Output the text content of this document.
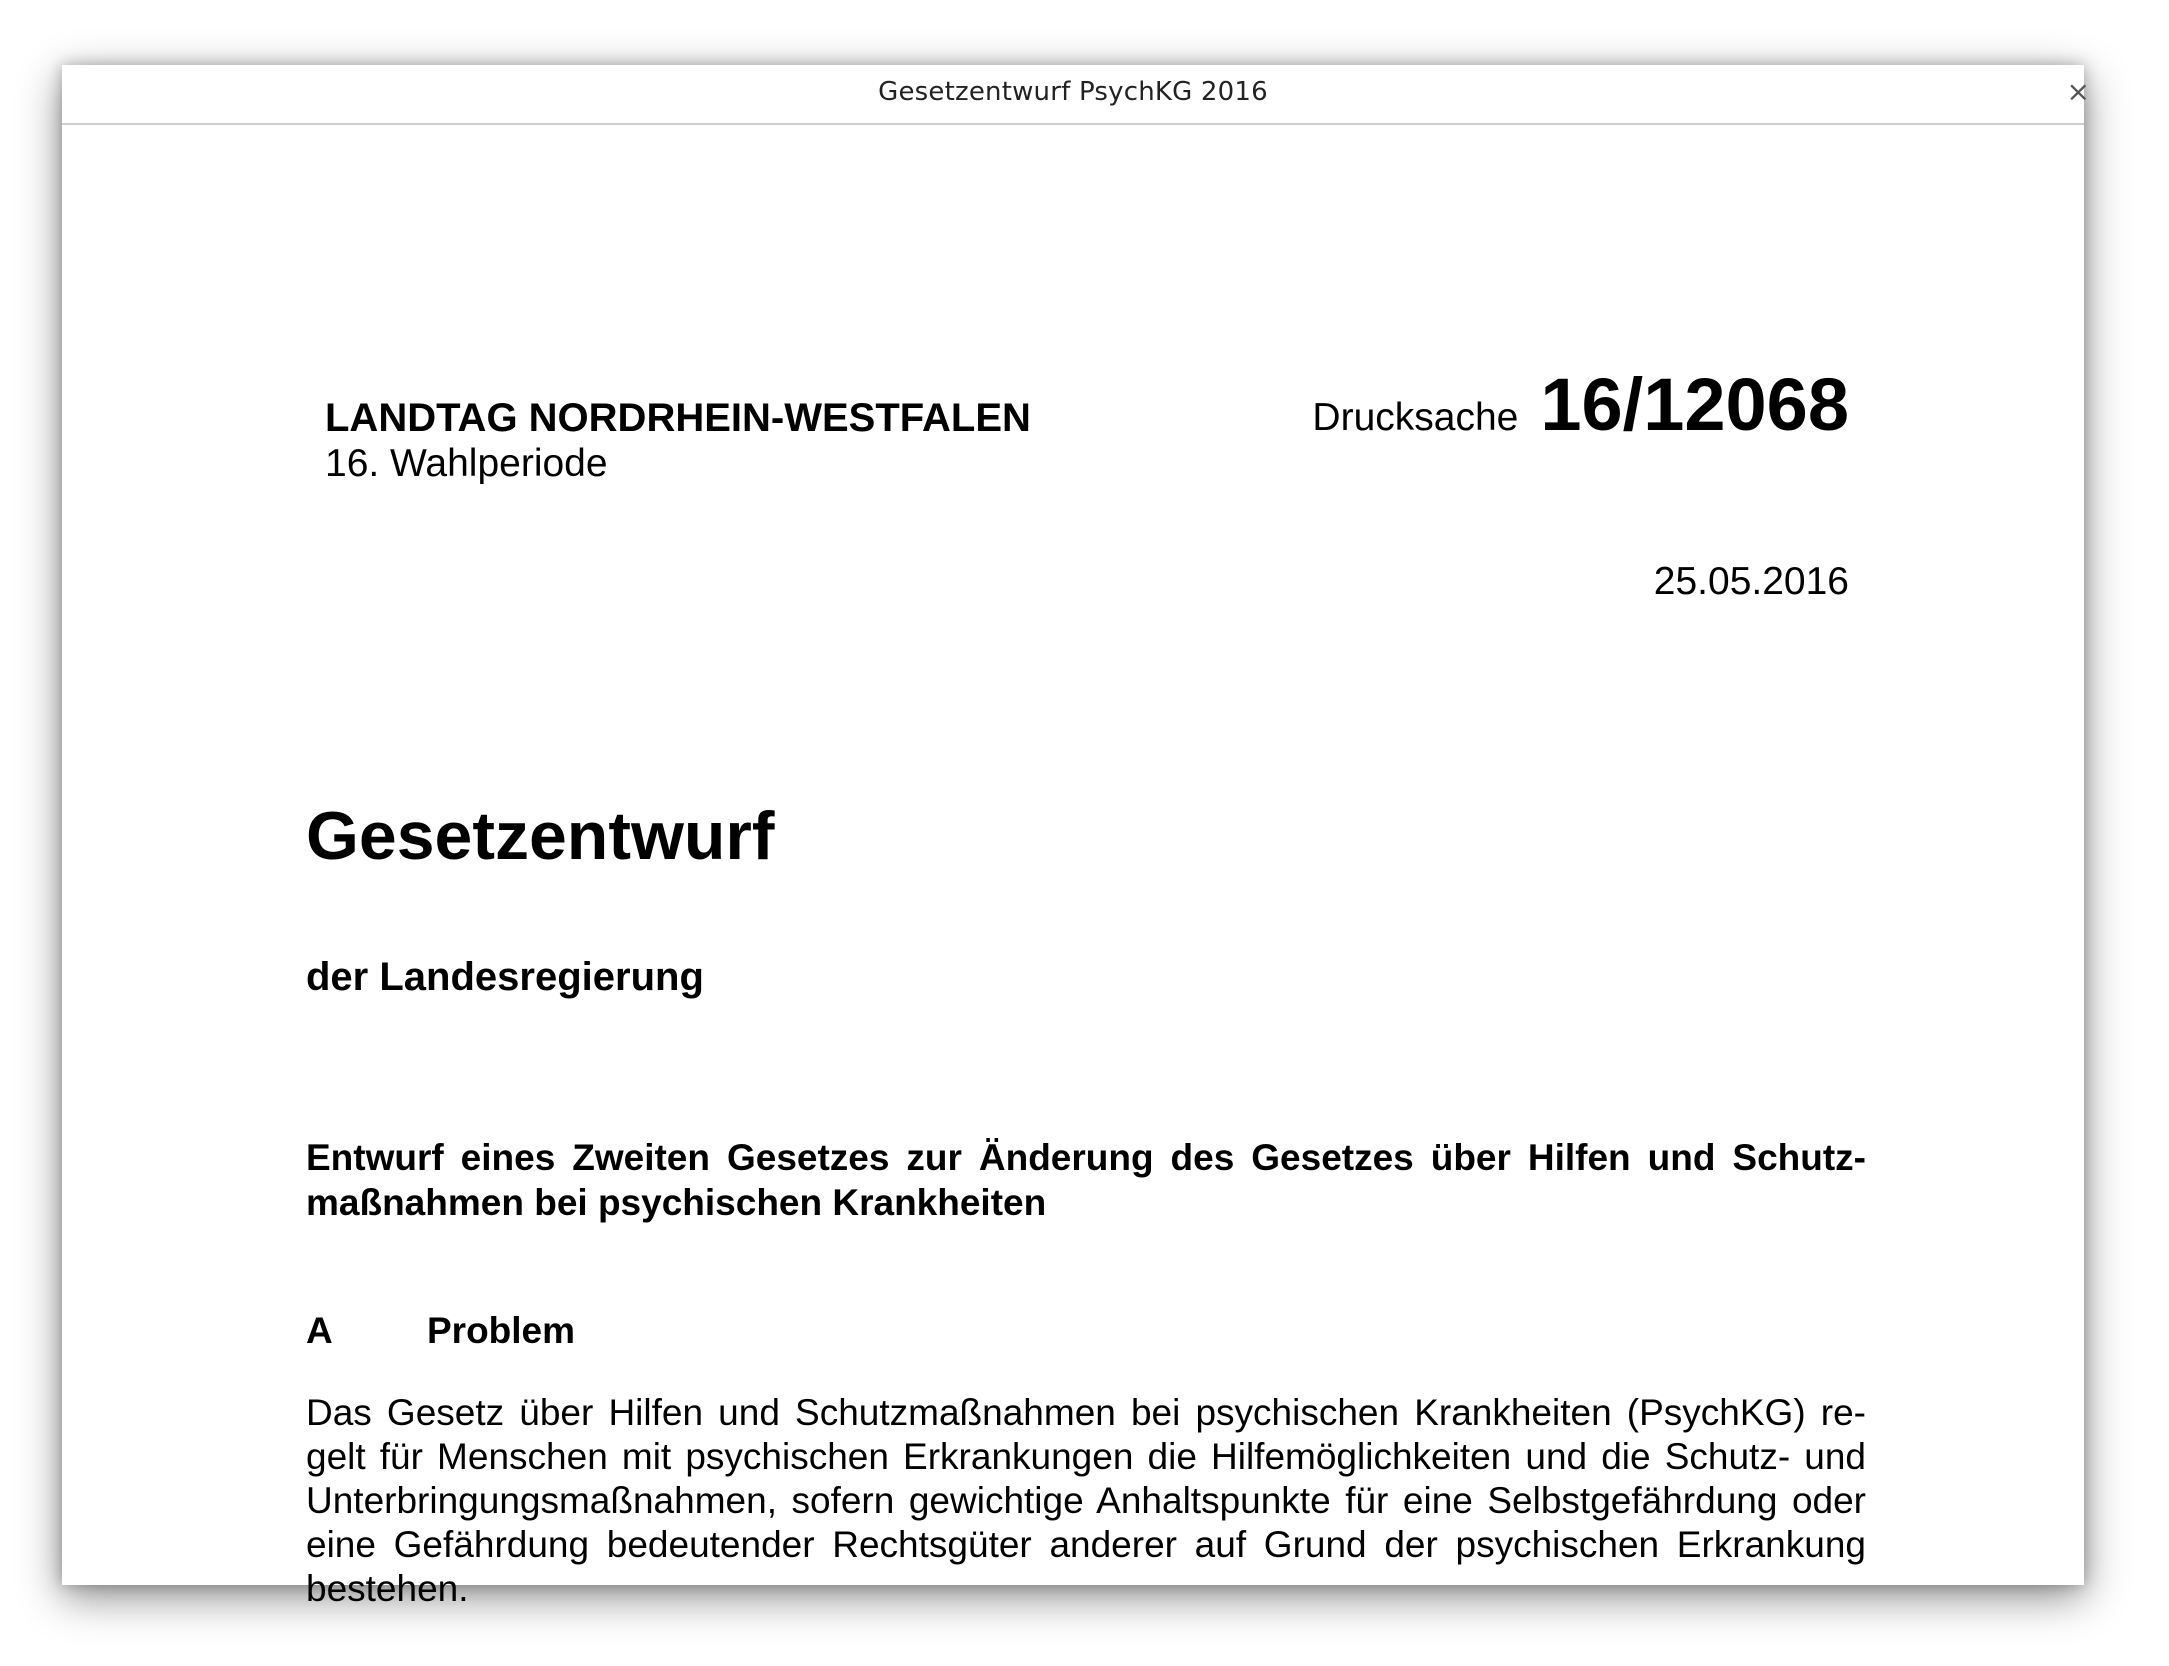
Gesetzentwurf PsychKG 2016	×
LANDTAG NORDRHEIN-WESTFALEN
16. Wahlperiode
Drucksache 16/12068
25.05.2016
Gesetzentwurf
der Landesregierung
Entwurf eines Zweiten Gesetzes zur Änderung des Gesetzes über Hilfen und Schutz-maßnahmen bei psychischen Krankheiten
A	Problem
Das Gesetz über Hilfen und Schutzmaßnahmen bei psychischen Krankheiten (PsychKG) re-gelt für Menschen mit psychischen Erkrankungen die Hilfemöglichkeiten und die Schutz- und Unterbringungsmaßnahmen, sofern gewichtige Anhaltspunkte für eine Selbstgefährdung oder eine Gefährdung bedeutender Rechtsgüter anderer auf Grund der psychischen Erkrankung bestehen.
